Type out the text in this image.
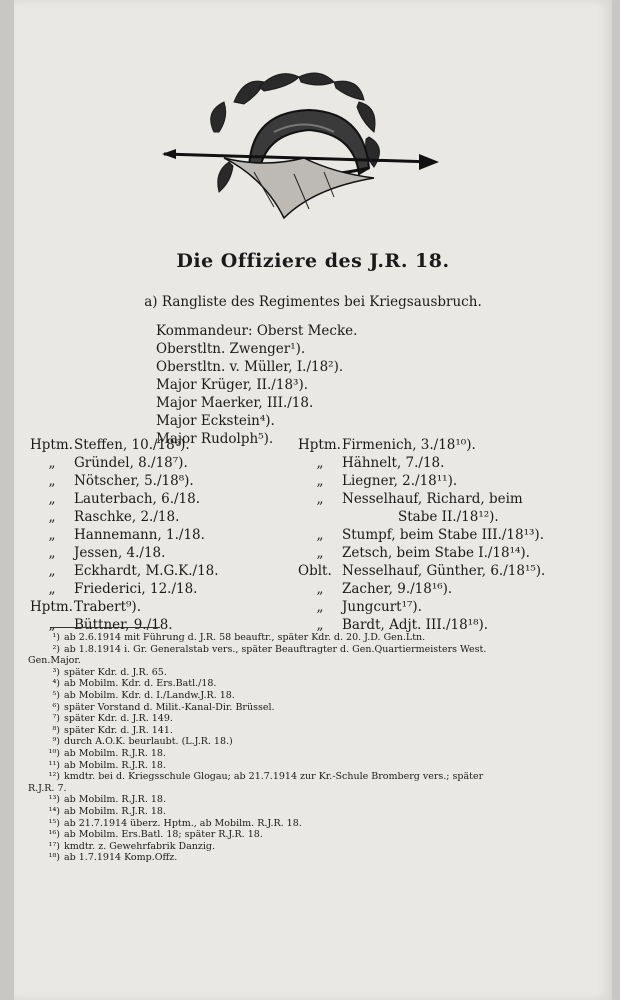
Die Offiziere des J.R. 18.
a) Rangliste des Regimentes bei Kriegsausbruch.
Kommandeur: Oberst Mecke.
Oberstltn. Zwenger¹).
Oberstltn. v. Müller, I./18²).
Major Krüger, II./18³).
Major Maerker, III./18.
Major Eckstein⁴).
Major Rudolph⁵).
Hptm.Steffen, 10./18⁶).
„ Gründel, 8./18⁷).
„ Nötscher, 5./18⁸).
„ Lauterbach, 6./18.
„ Raschke, 2./18.
„ Hannemann, 1./18.
„ Jessen, 4./18.
„ Eckhardt, M.G.K./18.
„ Friederici, 12./18.
Hptm.Trabert⁹).
„ Büttner, 9./18.
Hptm.Firmenich, 3./18¹⁰).
„ Hähnelt, 7./18.
„ Liegner, 2./18¹¹).
„ Nesselhauf, Richard, beim
Stabe II./18¹²).
„ Stumpf, beim Stabe III./18¹³).
„ Zetsch, beim Stabe I./18¹⁴).
Oblt. Nesselhauf, Günther, 6./18¹⁵).
„ Zacher, 9./18¹⁶).
„ Jungcurt¹⁷).
„ Bardt, Adjt. III./18¹⁸).
¹) ab 2.6.1914 mit Führung d. J.R. 58 beauftr., später Kdr. d. 20. J.D. Gen.Ltn.
²) ab 1.8.1914 i. Gr. Generalstab vers., später Beauftragter d. Gen.Quartiermeisters West.
Gen.Major.
³) später Kdr. d. J.R. 65.
⁴) ab Mobilm. Kdr. d. Ers.Batl./18.
⁵) ab Mobilm. Kdr. d. I./Landw.J.R. 18.
⁶) später Vorstand d. Milit.-Kanal-Dir. Brüssel.
⁷) später Kdr. d. J.R. 149.
⁸) später Kdr. d. J.R. 141.
⁹) durch A.O.K. beurlaubt. (L.J.R. 18.)
¹⁰) ab Mobilm. R.J.R. 18.
¹¹) ab Mobilm. R.J.R. 18.
¹²) kmdtr. bei d. Kriegsschule Glogau; ab 21.7.1914 zur Kr.-Schule Bromberg vers.; später
R.J.R. 7.
¹³) ab Mobilm. R.J.R. 18.
¹⁴) ab Mobilm. R.J.R. 18.
¹⁵) ab 21.7.1914 überz. Hptm., ab Mobilm. R.J.R. 18.
¹⁶) ab Mobilm. Ers.Batl. 18; später R.J.R. 18.
¹⁷) kmdtr. z. Gewehrfabrik Danzig.
¹⁸) ab 1.7.1914 Komp.Offz.
